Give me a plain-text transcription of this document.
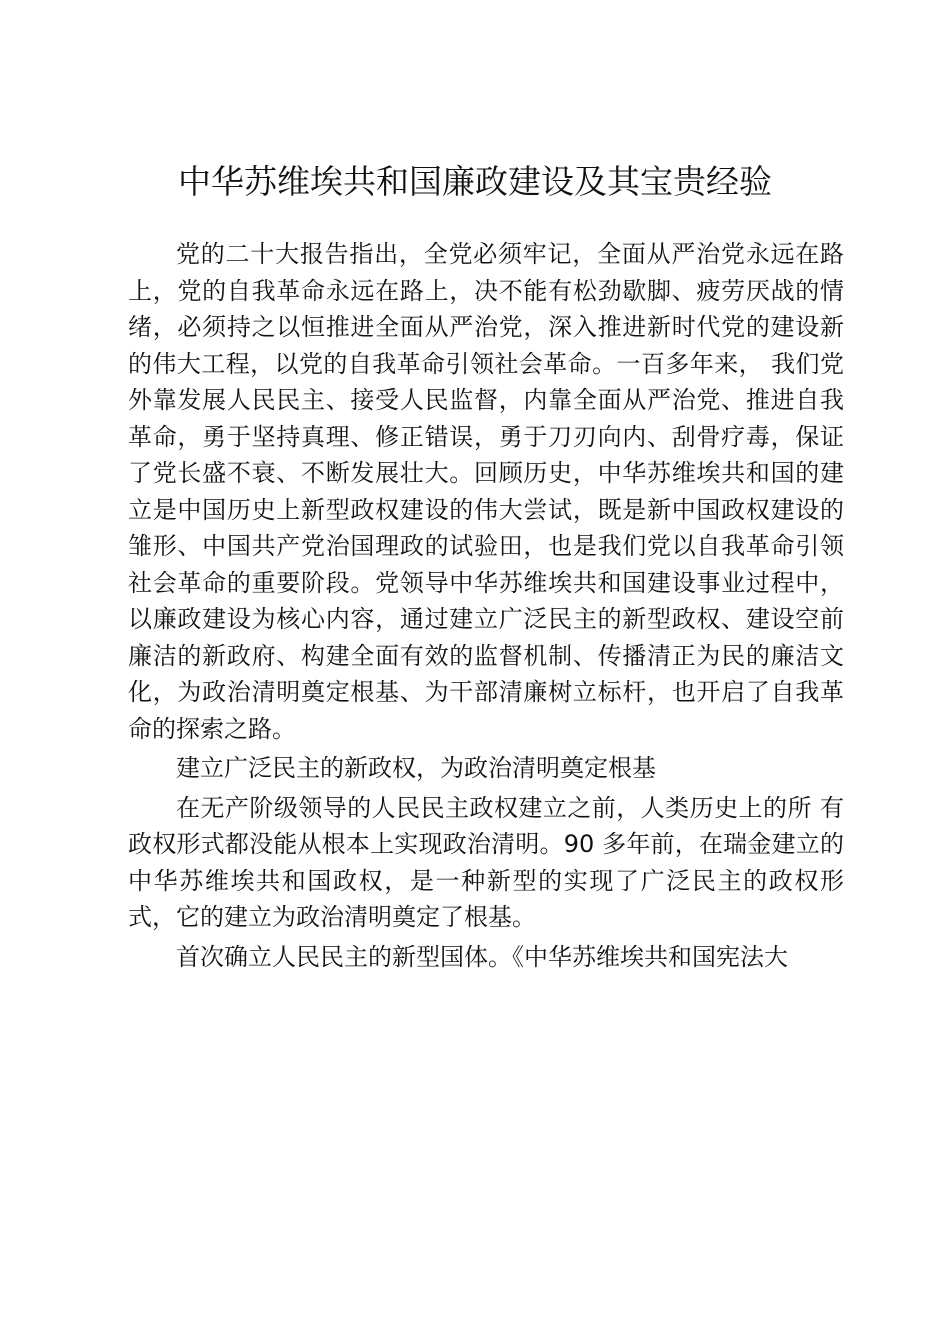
中华苏维埃共和国廉政建设及其宝贵经验

党的二十大报告指出，全党必须牢记，全面从严治党永远在路上，党的自我革命永远在路上，决不能有松劲歇脚、疲劳厌战的情绪，必须持之以恒推进全面从严治党，深入推进新时代党的建设新的伟大工程，以党的自我革命引领社会革命。一百多年来， 我们党外靠发展人民民主、接受人民监督，内靠全面从严治党、推进自我革命，勇于坚持真理、修正错误，勇于刀刃向内、刮骨疗毒，保证了党长盛不衰、不断发展壮大。回顾历史，中华苏维埃共和国的建立是中国历史上新型政权建设的伟大尝试，既是新中国政权建设的雏形、中国共产党治国理政的试验田，也是我们党以自我革命引领社会革命的重要阶段。党领导中华苏维埃共和国建设事业过程中，以廉政建设为核心内容，通过建立广泛民主的新型政权、建设空前廉洁的新政府、构建全面有效的监督机制、传播清正为民的廉洁文化，为政治清明奠定根基、为干部清廉树立标杆，也开启了自我革命的探索之路。

建立广泛民主的新政权，为政治清明奠定根基

在无产阶级领导的人民民主政权建立之前，人类历史上的所 有政权形式都没能从根本上实现政治清明。90 多年前，在瑞金建立的中华苏维埃共和国政权，是一种新型的实现了广泛民主的政权形式，它的建立为政治清明奠定了根基。

首次确立人民民主的新型国体。《中华苏维埃共和国宪法大
